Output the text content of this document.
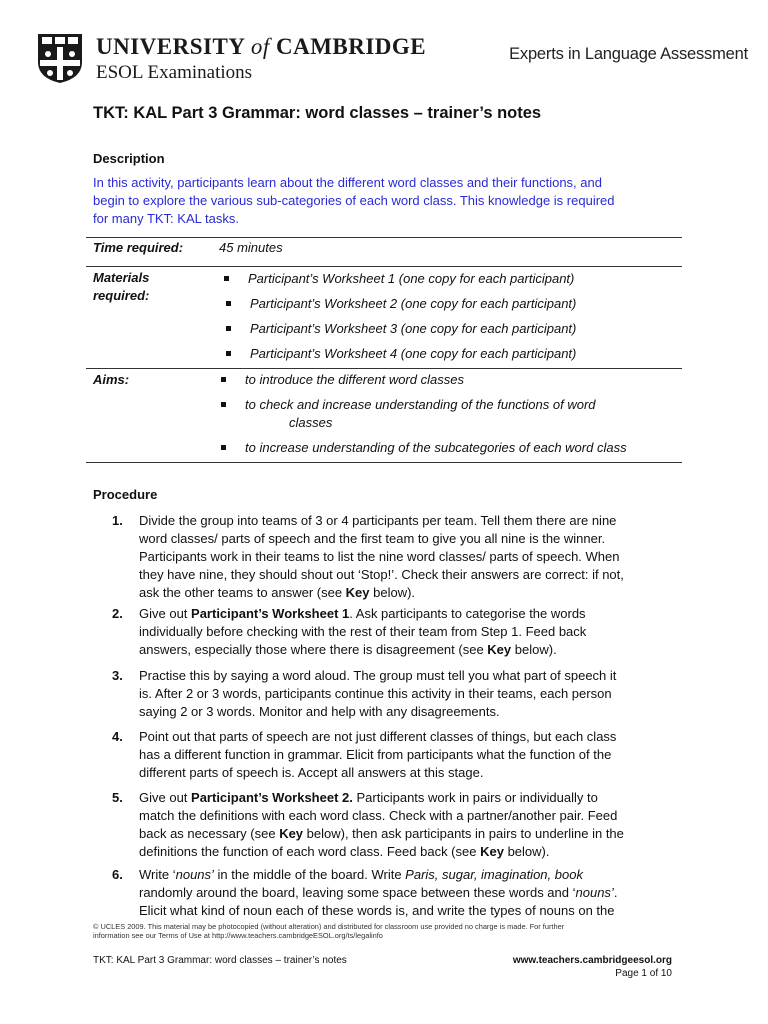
UNIVERSITY of CAMBRIDGE
ESOL Examinations
Experts in Language Assessment
TKT: KAL Part 3 Grammar: word classes – trainer’s notes
Description
In this activity, participants learn about the different word classes and their functions, and
begin to explore the various sub-categories of each word class. This knowledge is required
for many TKT: KAL tasks.
Time required:	45 minutes
Materials
required:
Participant’s Worksheet 1 (one copy for each participant)
Participant’s Worksheet 2 (one copy for each participant)
Participant’s Worksheet 3 (one copy for each participant)
Participant’s Worksheet 4 (one copy for each participant)
Aims:	to introduce the different word classes
to check and increase understanding of the functions of word
classes
to increase understanding of the subcategories of each word class
Procedure
1. Divide the group into teams of 3 or 4 participants per team. Tell them there are nine
word classes/ parts of speech and the first team to give you all nine is the winner.
Participants work in their teams to list the nine word classes/ parts of speech. When
they have nine, they should shout out ‘Stop!’. Check their answers are correct: if not,
ask the other teams to answer (see Key below).
2. Give out Participant’s Worksheet 1. Ask participants to categorise the words
individually before checking with the rest of their team from Step 1. Feed back
answers, especially those where there is disagreement (see Key below).
3. Practise this by saying a word aloud. The group must tell you what part of speech it
is. After 2 or 3 words, participants continue this activity in their teams, each person
saying 2 or 3 words. Monitor and help with any disagreements.
4. Point out that parts of speech are not just different classes of things, but each class
has a different function in grammar. Elicit from participants what the function of the
different parts of speech is. Accept all answers at this stage.
5. Give out Participant’s Worksheet 2. Participants work in pairs or individually to
match the definitions with each word class. Check with a partner/another pair. Feed
back as necessary (see Key below), then ask participants in pairs to underline in the
definitions the function of each word class. Feed back (see Key below).
6. Write ‘nouns’ in the middle of the board. Write Paris, sugar, imagination, book
randomly around the board, leaving some space between these words and ‘nouns’.
Elicit what kind of noun each of these words is, and write the types of nouns on the
© UCLES 2009. This material may be photocopied (without alteration) and distributed for classroom use provided no charge is made. For further
information see our Terms of Use at http://www.teachers.cambridgeESOL.org/ts/legalinfo
TKT: KAL Part 3 Grammar: word classes – trainer’s notes	www.teachers.cambridgeesol.org
Page 1 of 10
